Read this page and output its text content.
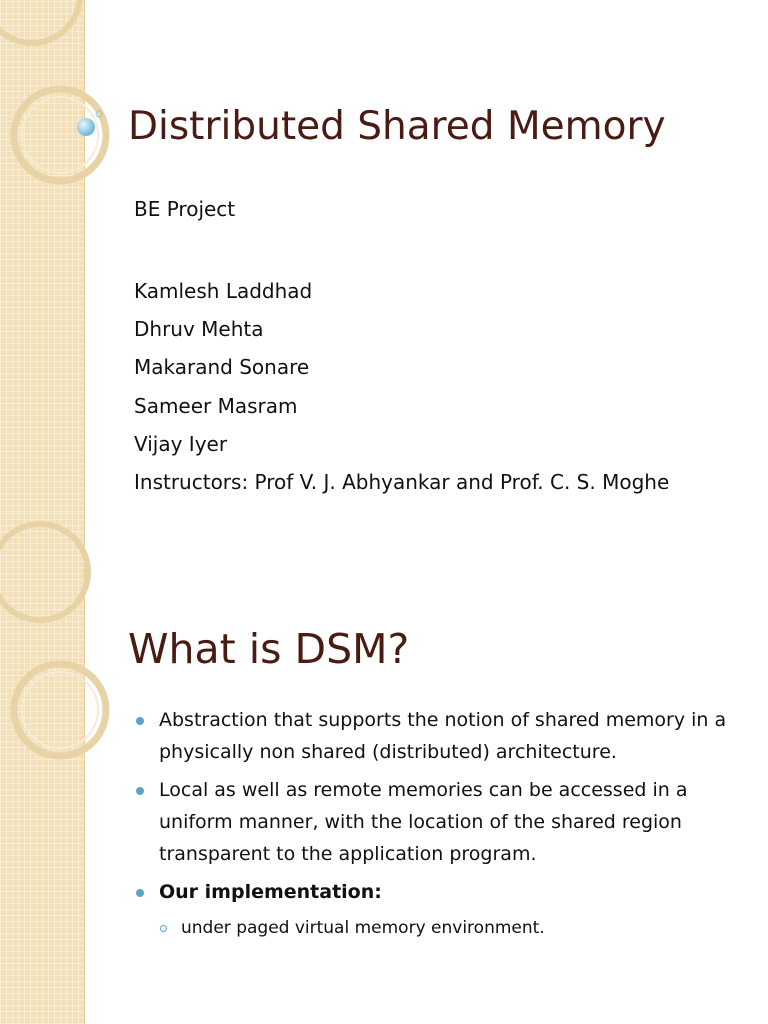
Distributed Shared Memory
BE Project
Kamlesh Laddhad
Dhruv Mehta
Makarand Sonare
Sameer Masram
Vijay Iyer
Instructors: Prof V. J. Abhyankar and Prof. C. S. Moghe
What is DSM?
Abstraction that supports the notion of shared memory in a physically non shared (distributed) architecture.
Local as well as remote memories can be accessed in a uniform manner, with the location of the shared region transparent to the application program.
Our implementation:
under paged virtual memory environment.
